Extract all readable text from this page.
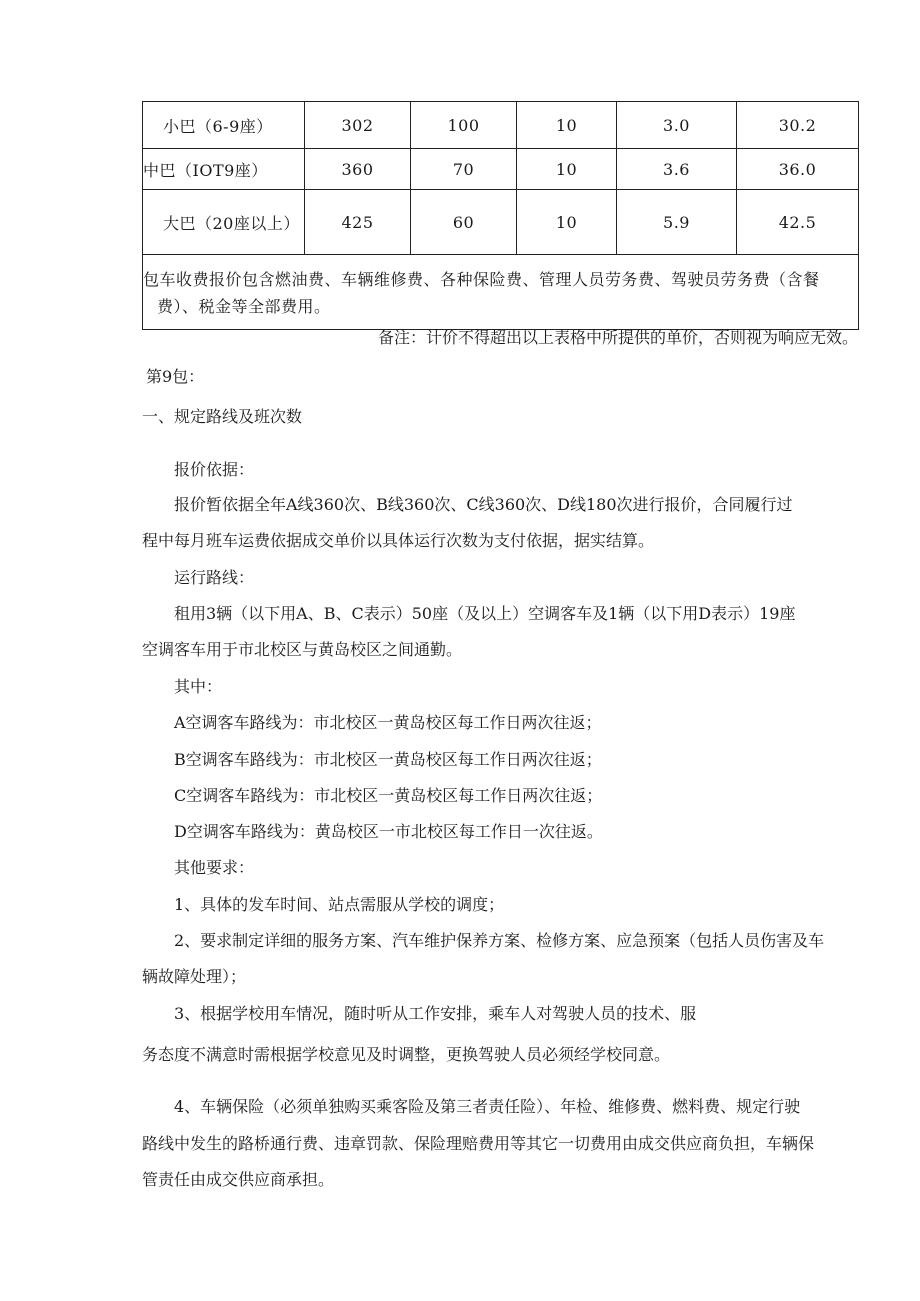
小巴（6-9座）	302	100	10	3.0	30.2
中巴（IOT9座）	360	70	10	3.6	36.0
大巴（20座以上）	425	60	10	5.9	42.5

包车收费报价包含燃油费、车辆维修费、各种保险费、管理人员劳务费、驾驶员劳务费（含餐
费）、税金等全部费用。					
备注：计价不得超出以上表格中所提供的单价，否则视为响应无效。
第9包：
一、规定路线及班次数
报价依据：
报价暂依据全年A线360次、B线360次、C线360次、D线180次进行报价，合同履行过
程中每月班车运费依据成交单价以具体运行次数为支付依据，据实结算。
运行路线：
租用3辆（以下用A、B、C表示）50座（及以上）空调客车及1辆（以下用D表示）19座
空调客车用于市北校区与黄岛校区之间通勤。
其中：
A空调客车路线为：市北校区一黄岛校区每工作日两次往返；
B空调客车路线为：市北校区一黄岛校区每工作日两次往返；
C空调客车路线为：市北校区一黄岛校区每工作日两次往返；
D空调客车路线为：黄岛校区一市北校区每工作日一次往返。
其他要求：
1、具体的发车时间、站点需服从学校的调度；
2、要求制定详细的服务方案、汽车维护保养方案、检修方案、应急预案（包括人员伤害及车
辆故障处理）；
3、根据学校用车情况，随时听从工作安排，乘车人对驾驶人员的技术、服
务态度不满意时需根据学校意见及时调整，更换驾驶人员必须经学校同意。
4、车辆保险（必须单独购买乘客险及第三者责任险）、年检、维修费、燃料费、规定行驶
路线中发生的路桥通行费、违章罚款、保险理赔费用等其它一切费用由成交供应商负担，车辆保
管责任由成交供应商承担。
